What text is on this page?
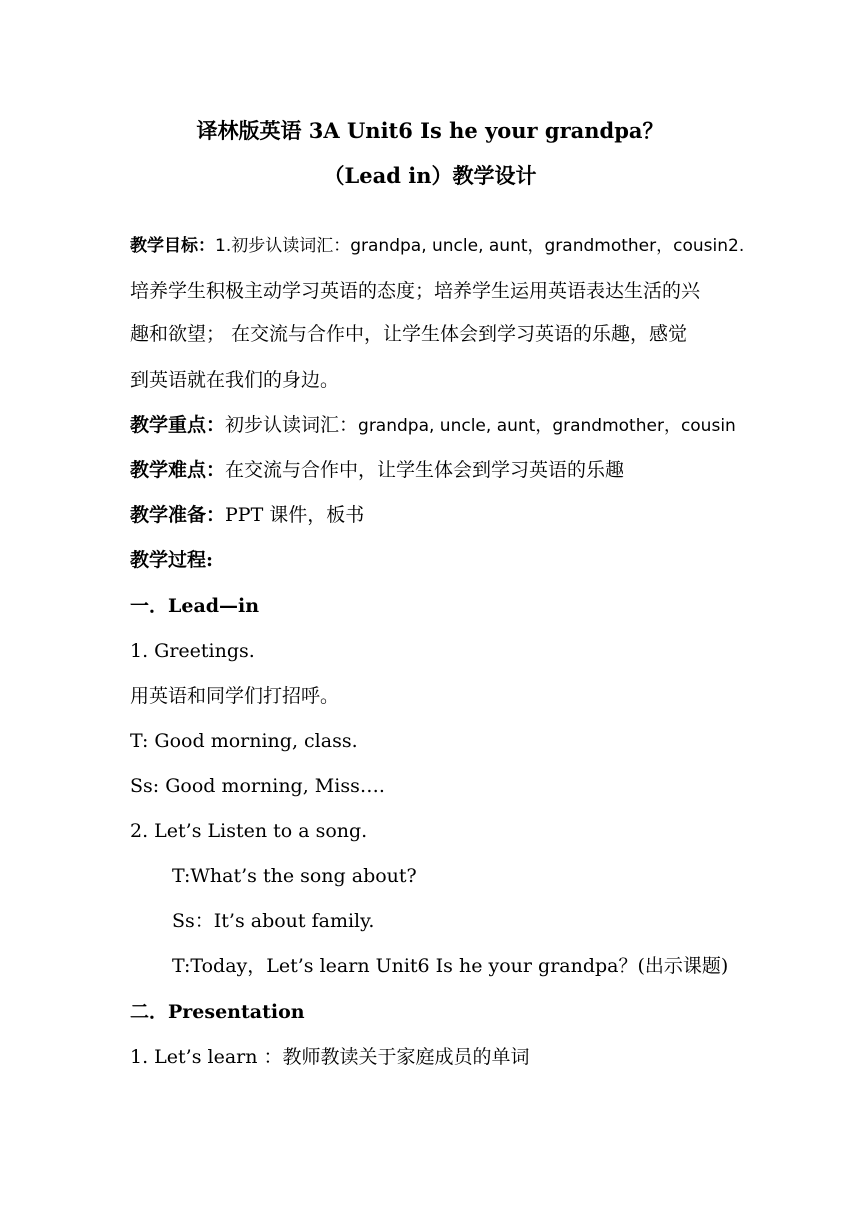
译林版英语 3A Unit6 Is he your grandpa？
（Lead in）教学设计
教学目标：1.初步认读词汇：grandpa, uncle, aunt，grandmother，cousin2.
培养学生积极主动学习英语的态度；培养学生运用英语表达生活的兴
趣和欲望； 在交流与合作中，让学生体会到学习英语的乐趣，感觉
到英语就在我们的身边。
教学重点：初步认读词汇：grandpa, uncle, aunt，grandmother，cousin
教学难点：在交流与合作中，让学生体会到学习英语的乐趣
教学准备：PPT 课件，板书
教学过程:
一．Lead—in
1. Greetings.
用英语和同学们打招呼。
T: Good morning, class.
Ss: Good morning, Miss….
2. Let’s Listen to a song.
T:What’s the song about?
Ss：It’s about family.
T:Today，Let’s learn Unit6 Is he your grandpa？(出示课题)
二．Presentation
1. Let’s learn ：教师教读关于家庭成员的单词
